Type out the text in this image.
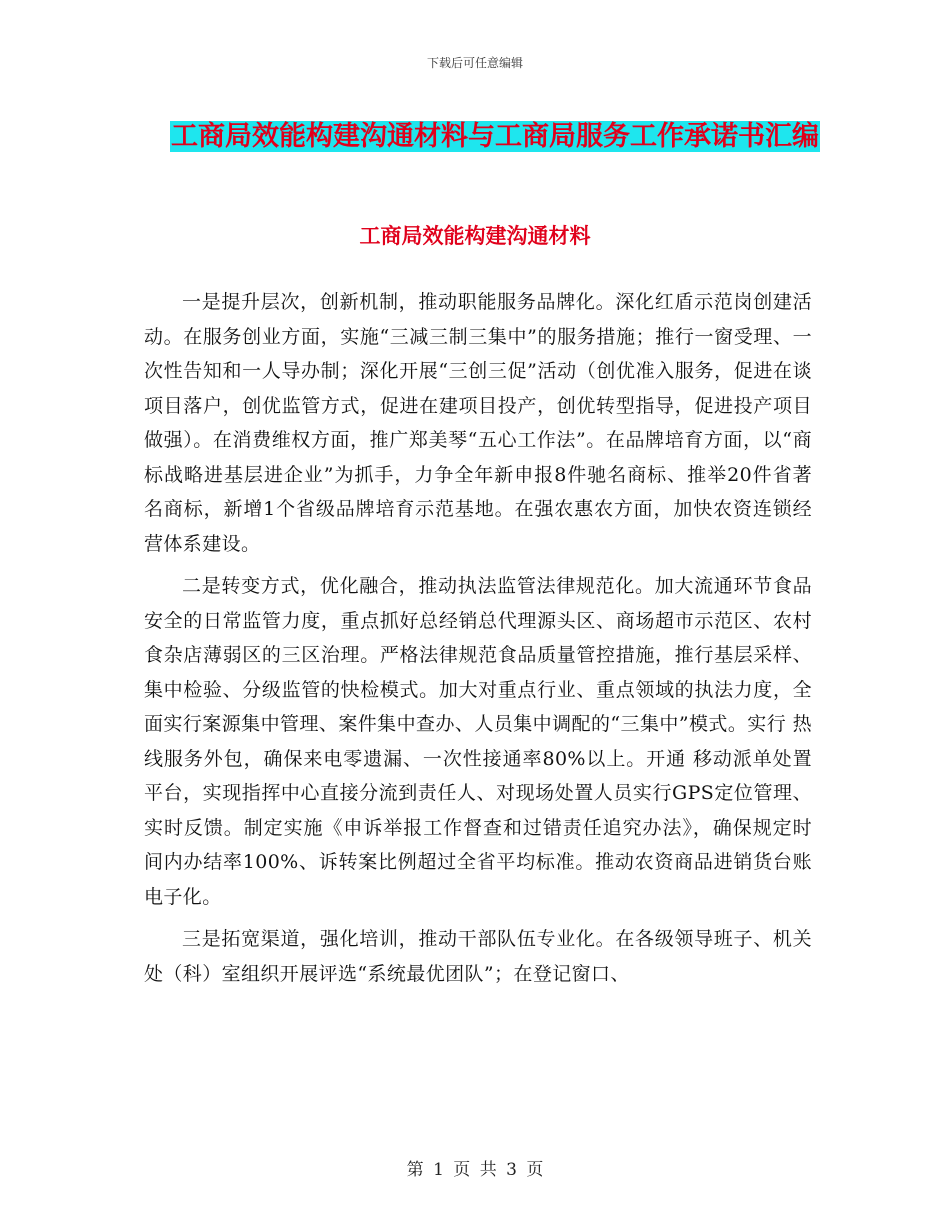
下载后可任意编辑
工商局效能构建沟通材料与工商局服务工作承诺书汇编
工商局效能构建沟通材料

一是提升层次，创新机制，推动职能服务品牌化。深化红盾示范岗创建活动。在服务创业方面，实施“三减三制三集中”的服务措施；推行一窗受理、一次性告知和一人导办制；深化开展“三创三促”活动（创优准入服务，促进在谈项目落户，创优监管方式，促进在建项目投产，创优转型指导，促进投产项目做强）。在消费维权方面，推广郑美琴“五心工作法”。在品牌培育方面，以“商标战略进基层进企业”为抓手，力争全年新申报8件驰名商标、推举20件省著名商标，新增1个省级品牌培育示范基地。在强农惠农方面，加快农资连锁经营体系建设。

二是转变方式，优化融合，推动执法监管法律规范化。加大流通环节食品安全的日常监管力度，重点抓好总经销总代理源头区、商场超市示范区、农村食杂店薄弱区的三区治理。严格法律规范食品质量管控措施，推行基层采样、集中检验、分级监管的快检模式。加大对重点行业、重点领域的执法力度，全面实行案源集中管理、案件集中查办、人员集中调配的“三集中”模式。实行 热线服务外包，确保来电零遗漏、一次性接通率80%以上。开通 移动派单处置平台，实现指挥中心直接分流到责任人、对现场处置人员实行GPS定位管理、实时反馈。制定实施《申诉举报工作督查和过错责任追究办法》，确保规定时间内办结率100%、诉转案比例超过全省平均标准。推动农资商品进销货台账电子化。

三是拓宽渠道，强化培训，推动干部队伍专业化。在各级领导班子、机关处（科）室组织开展评选“系统最优团队”；在登记窗口、

第 1 页 共 3 页
